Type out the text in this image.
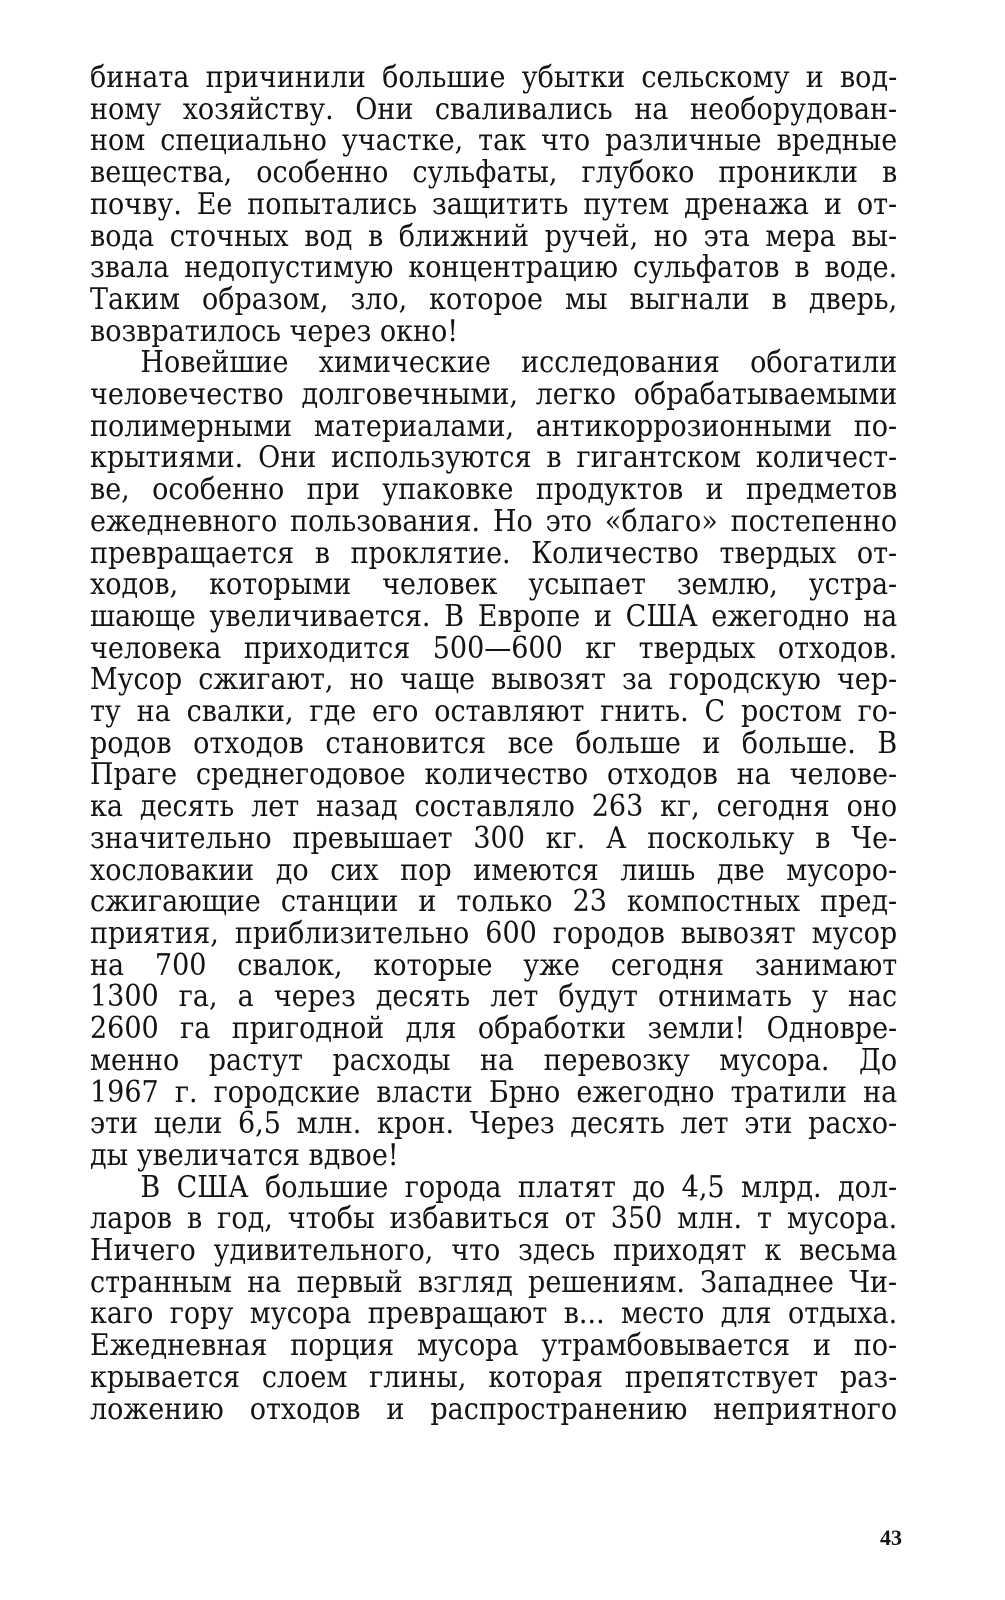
бината причинили большие убытки сельскому и вод-
ному хозяйству. Они сваливались на необорудован-
ном специально участке, так что различные вредные
вещества, особенно сульфаты, глубоко проникли в
почву. Ее попытались защитить путем дренажа и от-
вода сточных вод в ближний ручей, но эта мера вы-
звала недопустимую концентрацию сульфатов в воде.
Таким образом, зло, которое мы выгнали в дверь,
возвратилось через окно!
Новейшие химические исследования обогатили
человечество долговечными, легко обрабатываемыми
полимерными материалами, антикоррозионными по-
крытиями. Они используются в гигантском количест-
ве, особенно при упаковке продуктов и предметов
ежедневного пользования. Но это «благо» постепенно
превращается в проклятие. Количество твердых от-
ходов, которыми человек усыпает землю, устра-
шающе увеличивается. В Европе и США ежегодно на
человека приходится 500—600 кг твердых отходов.
Мусор сжигают, но чаще вывозят за городскую чер-
ту на свалки, где его оставляют гнить. С ростом го-
родов отходов становится все больше и больше. В
Праге среднегодовое количество отходов на челове-
ка десять лет назад составляло 263 кг, сегодня оно
значительно превышает 300 кг. А поскольку в Че-
хословакии до сих пор имеются лишь две мусоро-
сжигающие станции и только 23 компостных пред-
приятия, приблизительно 600 городов вывозят мусор
на 700 свалок, которые уже сегодня занимают
1300 га, а через десять лет будут отнимать у нас
2600 га пригодной для обработки земли! Одновре-
менно растут расходы на перевозку мусора. До
1967 г. городские власти Брно ежегодно тратили на
эти цели 6,5 млн. крон. Через десять лет эти расхо-
ды увеличатся вдвое!
В США большие города платят до 4,5 млрд. дол-
ларов в год, чтобы избавиться от 350 млн. т мусора.
Ничего удивительного, что здесь приходят к весьма
странным на первый взгляд решениям. Западнее Чи-
каго гору мусора превращают в... место для отдыха.
Ежедневная порция мусора утрамбовывается и по-
крывается слоем глины, которая препятствует раз-
ложению отходов и распространению неприятного
43
